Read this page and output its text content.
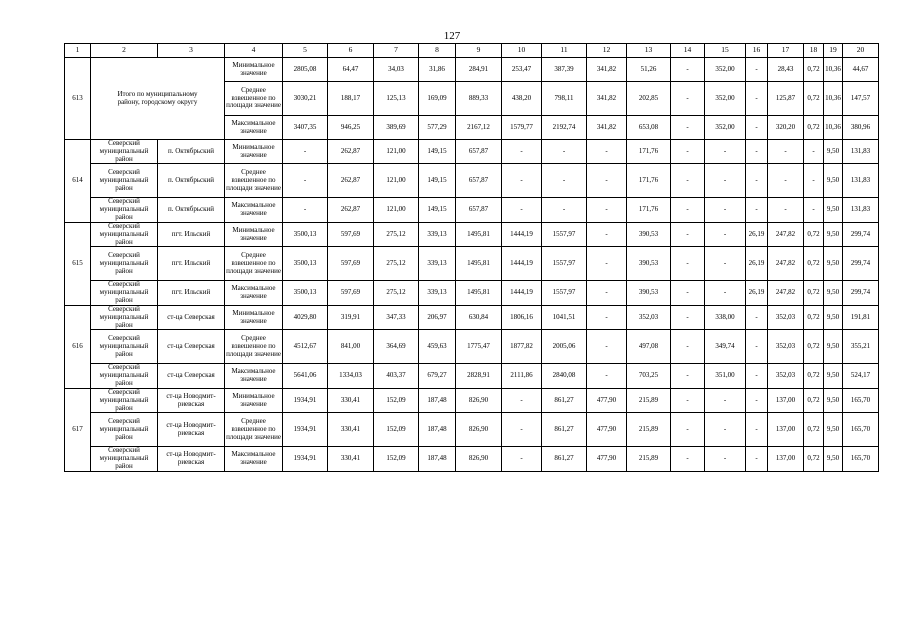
127
1	2	3	4	5	6	7	8	9	10	11	12	13	14	15	16	17	18	19	20
613	Итого по муниципальному району, городскому округу		Минимальное значение	2805,08	64,47	34,03	31,86	284,91	253,47	387,39	341,82	51,26	-	352,00	-	28,43	0,72	10,36	44,67
			Среднее взвешенное по площади значение	3030,21	188,17	125,13	169,09	889,33	438,20	798,11	341,82	202,85	-	352,00	-	125,87	0,72	10,36	147,57
			Максимальное значение	3407,35	946,25	389,69	577,29	2167,12	1579,77	2192,74	341,82	653,08	-	352,00	-	320,20	0,72	10,36	380,96
614	Северский муниципальный район	п. Октябрьский	Минимальное значение	-	262,87	121,00	149,15	657,87	-	-	-	171,76	-	-	-	-	-	9,50	131,83
	Северский муниципальный район	п. Октябрьский	Среднее взвешенное по площади значение	-	262,87	121,00	149,15	657,87	-	-	-	171,76	-	-	-	-	-	9,50	131,83
	Северский муниципальный район	п. Октябрьский	Максимальное значение	-	262,87	121,00	149,15	657,87	-	-	-	171,76	-	-	-	-	-	9,50	131,83
615	Северский муниципальный район	пгт. Ильский	Минимальное значение	3500,13	597,69	275,12	339,13	1495,81	1444,19	1557,97	-	390,53	-	-	26,19	247,82	0,72	9,50	299,74
	Северский муниципальный район	пгт. Ильский	Среднее взвешенное по площади значение	3500,13	597,69	275,12	339,13	1495,81	1444,19	1557,97	-	390,53	-	-	26,19	247,82	0,72	9,50	299,74
	Северский муниципальный район	пгт. Ильский	Максимальное значение	3500,13	597,69	275,12	339,13	1495,81	1444,19	1557,97	-	390,53	-	-	26,19	247,82	0,72	9,50	299,74
616	Северский муниципальный район	ст-ца Северская	Минимальное значение	4029,80	319,91	347,33	206,97	630,84	1806,16	1041,51	-	352,03	-	338,00	-	352,03	0,72	9,50	191,81
	Северский муниципальный район	ст-ца Северская	Среднее взвешенное по площади значение	4512,67	841,00	364,69	459,63	1775,47	1877,82	2005,06	-	497,08	-	349,74	-	352,03	0,72	9,50	355,21
	Северский муниципальный район	ст-ца Северская	Максимальное значение	5641,06	1334,03	403,37	679,27	2828,91	2111,86	2840,08	-	703,25	-	351,00	-	352,03	0,72	9,50	524,17
617	Северский муниципальный район	ст-ца Новодмит-риевская	Минимальное значение	1934,91	330,41	152,09	187,48	826,90	-	861,27	477,90	215,89	-	-	-	137,00	0,72	9,50	165,70
	Северский муниципальный район	ст-ца Новодмит-риевская	Среднее взвешенное по площади значение	1934,91	330,41	152,09	187,48	826,90	-	861,27	477,90	215,89	-	-	-	137,00	0,72	9,50	165,70
	Северский муниципальный район	ст-ца Новодмит-риевская	Максимальное значение	1934,91	330,41	152,09	187,48	826,90	-	861,27	477,90	215,89	-	-	-	137,00	0,72	9,50	165,70
